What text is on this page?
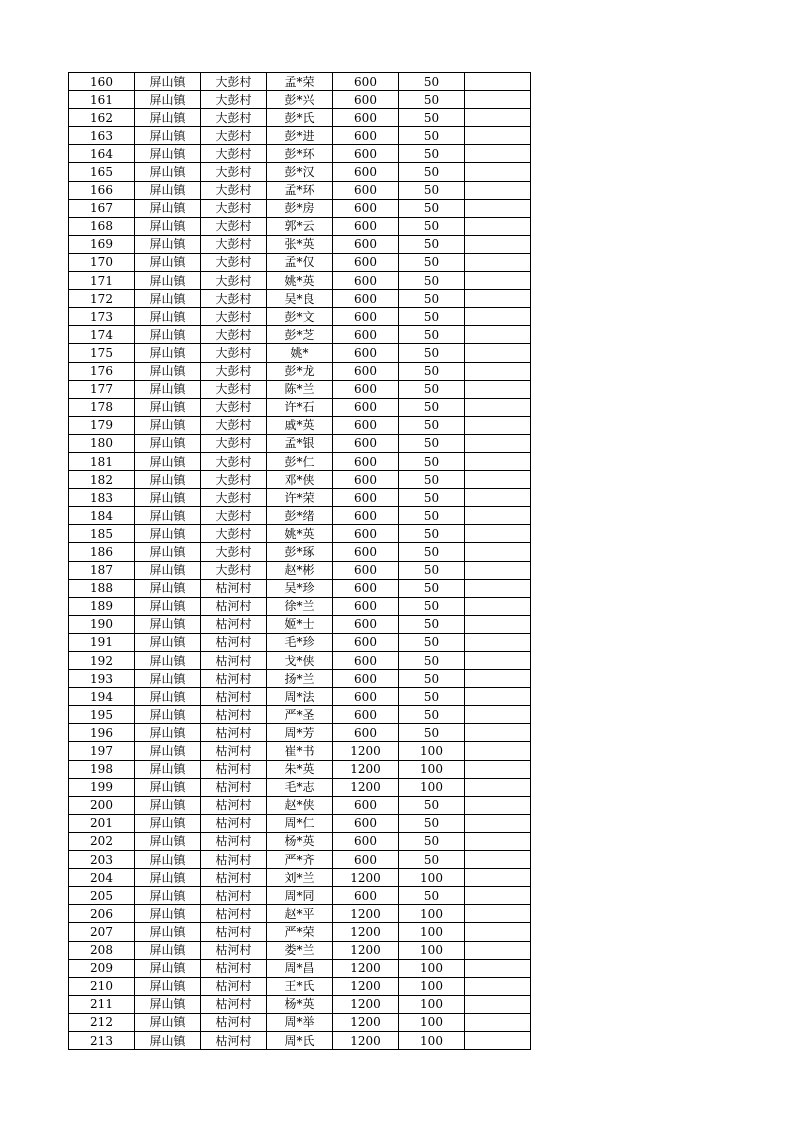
160	屏山镇	大彭村	孟*荣	600	50	
161	屏山镇	大彭村	彭*兴	600	50	
162	屏山镇	大彭村	彭*氏	600	50	
163	屏山镇	大彭村	彭*进	600	50	
164	屏山镇	大彭村	彭*环	600	50	
165	屏山镇	大彭村	彭*汉	600	50	
166	屏山镇	大彭村	孟*环	600	50	
167	屏山镇	大彭村	彭*房	600	50	
168	屏山镇	大彭村	郭*云	600	50	
169	屏山镇	大彭村	张*英	600	50	
170	屏山镇	大彭村	孟*仅	600	50	
171	屏山镇	大彭村	姚*英	600	50	
172	屏山镇	大彭村	吴*良	600	50	
173	屏山镇	大彭村	彭*文	600	50	
174	屏山镇	大彭村	彭*芝	600	50	
175	屏山镇	大彭村	姚*	600	50	
176	屏山镇	大彭村	彭*龙	600	50	
177	屏山镇	大彭村	陈*兰	600	50	
178	屏山镇	大彭村	许*石	600	50	
179	屏山镇	大彭村	戚*英	600	50	
180	屏山镇	大彭村	孟*银	600	50	
181	屏山镇	大彭村	彭*仁	600	50	
182	屏山镇	大彭村	邓*侠	600	50	
183	屏山镇	大彭村	许*荣	600	50	
184	屏山镇	大彭村	彭*绪	600	50	
185	屏山镇	大彭村	姚*英	600	50	
186	屏山镇	大彭村	彭*琢	600	50	
187	屏山镇	大彭村	赵*彬	600	50	
188	屏山镇	枯河村	吴*珍	600	50	
189	屏山镇	枯河村	徐*兰	600	50	
190	屏山镇	枯河村	姬*士	600	50	
191	屏山镇	枯河村	毛*珍	600	50	
192	屏山镇	枯河村	戈*侠	600	50	
193	屏山镇	枯河村	扬*兰	600	50	
194	屏山镇	枯河村	周*法	600	50	
195	屏山镇	枯河村	严*圣	600	50	
196	屏山镇	枯河村	周*芳	600	50	
197	屏山镇	枯河村	崔*书	1200	100	
198	屏山镇	枯河村	朱*英	1200	100	
199	屏山镇	枯河村	毛*志	1200	100	
200	屏山镇	枯河村	赵*侠	600	50	
201	屏山镇	枯河村	周*仁	600	50	
202	屏山镇	枯河村	杨*英	600	50	
203	屏山镇	枯河村	严*齐	600	50	
204	屏山镇	枯河村	刘*兰	1200	100	
205	屏山镇	枯河村	周*同	600	50	
206	屏山镇	枯河村	赵*平	1200	100	
207	屏山镇	枯河村	严*荣	1200	100	
208	屏山镇	枯河村	娄*兰	1200	100	
209	屏山镇	枯河村	周*昌	1200	100	
210	屏山镇	枯河村	王*氏	1200	100	
211	屏山镇	枯河村	杨*英	1200	100	
212	屏山镇	枯河村	周*举	1200	100	
213	屏山镇	枯河村	周*氏	1200	100	
